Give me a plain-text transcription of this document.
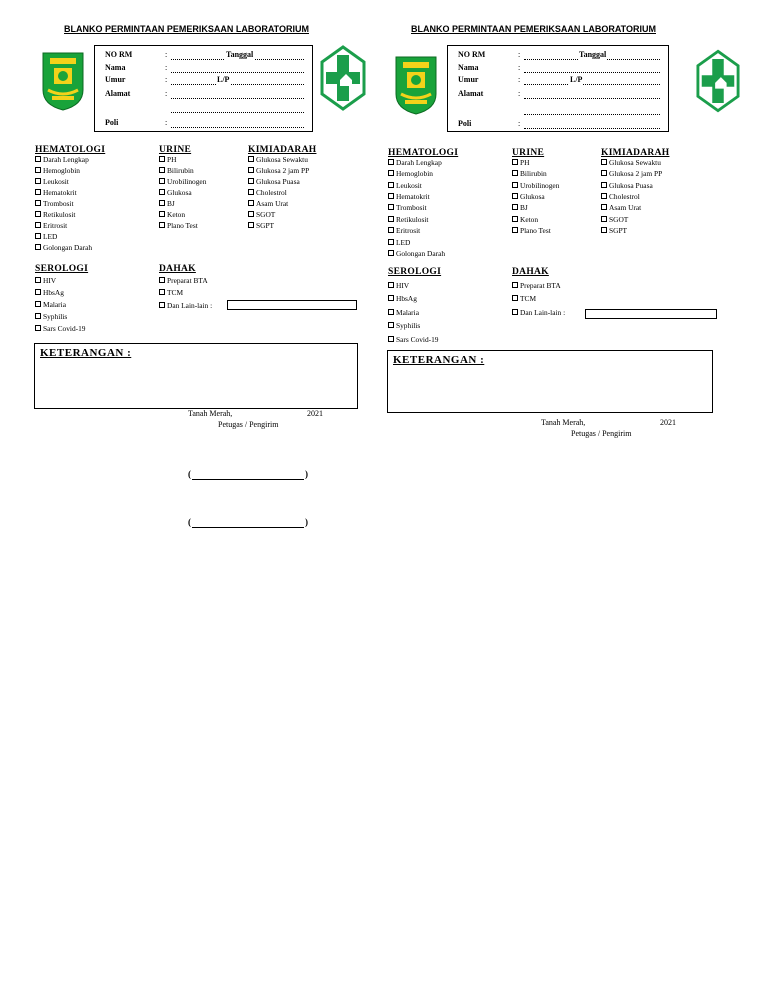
BLANKO PERMINTAAN PEMERIKSAAN LABORATORIUM
NO RM	:	Tanggal
Nama	:
Umur	:	L/P
Alamat	:
Poli	:
HEMATOLOGI
Darah Lengkap
Hemoglobin
Leukosit
Hematokrit
Trombosit
Retikulosit
Eritrosit
LED
Golongan Darah
URINE
PH
Bilirubin
Urobilinogen
Glukosa
BJ
Keton
Plano Test
KIMIADARAH
Glukosa Sewaktu
Glukosa 2 jam PP
Glukosa Puasa
Cholestrol
Asam Urat
SGOT
SGPT
SEROLOGI
HIV
HbsAg
Malaria
Syphilis
Sars Covid-19
DAHAK
Preparat BTA
TCM
Dan Lain-lain :
KETERANGAN :
Tanah Merah,	2021
Petugas / Pengirim
(	)
(	)
BLANKO PERMINTAAN PEMERIKSAAN LABORATORIUM
NO RM	:	Tanggal
Nama	:
Umur	:	L/P
Alamat	:
Poli	:
HEMATOLOGI
Darah Lengkap
Hemoglobin
Leukosit
Hematokrit
Trombosit
Retikulosit
Eritrosit
LED
Golongan Darah
URINE
PH
Bilirubin
Urobilinogen
Glukosa
BJ
Keton
Plano Test
KIMIADARAH
Glukosa Sewaktu
Glukosa 2 jam PP
Glukosa Puasa
Cholestrol
Asam Urat
SGOT
SGPT
SEROLOGI
HIV
HbsAg
Malaria
Syphilis
Sars Covid-19
DAHAK
Preparat BTA
TCM
Dan Lain-lain :
KETERANGAN :
Tanah Merah,	2021
Petugas / Pengirim
